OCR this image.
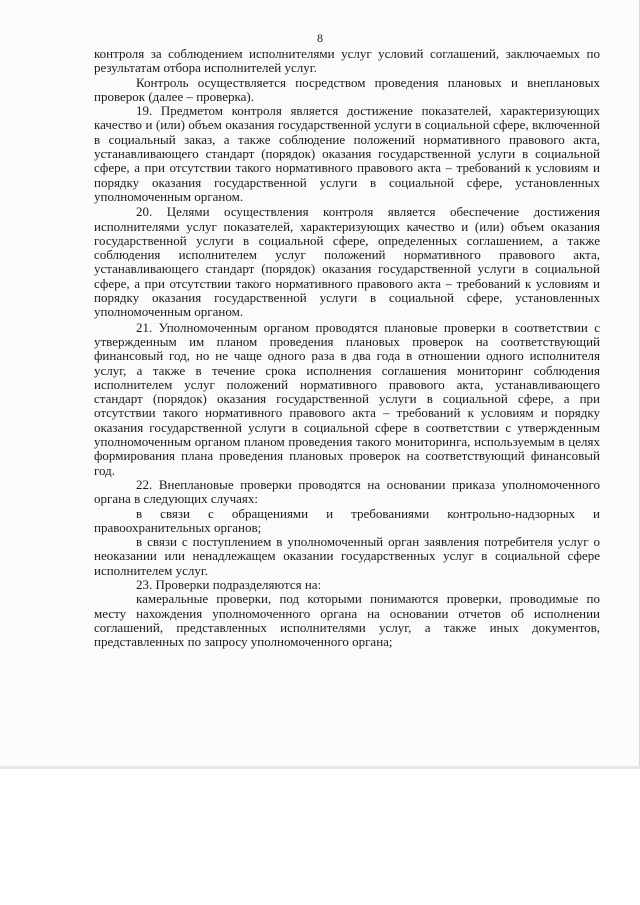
8

контроля за соблюдением исполнителями услуг условий соглашений, заключаемых по результатам отбора исполнителей услуг.

Контроль осуществляется посредством проведения плановых и внеплановых проверок (далее – проверка).

19. Предметом контроля является достижение показателей, характеризующих качество и (или) объем оказания государственной услуги в социальной сфере, включенной в социальный заказ, а также соблюдение положений нормативного правового акта, устанавливающего стандарт (порядок) оказания государственной услуги в социальной сфере, а при отсутствии такого нормативного правового акта – требований к условиям и порядку оказания государственной услуги в социальной сфере, установленных уполномоченным органом.

20. Целями осуществления контроля является обеспечение достижения исполнителями услуг показателей, характеризующих качество и (или) объем оказания государственной услуги в социальной сфере, определенных соглашением, а также соблюдения исполнителем услуг положений нормативного правового акта, устанавливающего стандарт (порядок) оказания государственной услуги в социальной сфере, а при отсутствии такого нормативного правового акта – требований к условиям и порядку оказания государственной услуги в социальной сфере, установленных уполномоченным органом.

21. Уполномоченным органом проводятся плановые проверки в соответствии с утвержденным им планом проведения плановых проверок на соответствующий финансовый год, но не чаще одного раза в два года в отношении одного исполнителя услуг, а также в течение срока исполнения соглашения мониторинг соблюдения исполнителем услуг положений нормативного правового акта, устанавливающего стандарт (порядок) оказания государственной услуги в социальной сфере, а при отсутствии такого нормативного правового акта – требований к условиям и порядку оказания государственной услуги в социальной сфере в соответствии с утвержденным уполномоченным органом планом проведения такого мониторинга, используемым в целях формирования плана проведения плановых проверок на соответствующий финансовый год.

22. Внеплановые проверки проводятся на основании приказа уполномоченного органа в следующих случаях:

в связи с обращениями и требованиями контрольно-надзорных и правоохранительных органов;

в связи с поступлением в уполномоченный орган заявления потребителя услуг о неоказании или ненадлежащем оказании государственных услуг в социальной сфере исполнителем услуг.

23. Проверки подразделяются на:

камеральные проверки, под которыми понимаются проверки, проводимые по месту нахождения уполномоченного органа на основании отчетов об исполнении соглашений, представленных исполнителями услуг, а также иных документов, представленных по запросу уполномоченного органа;
